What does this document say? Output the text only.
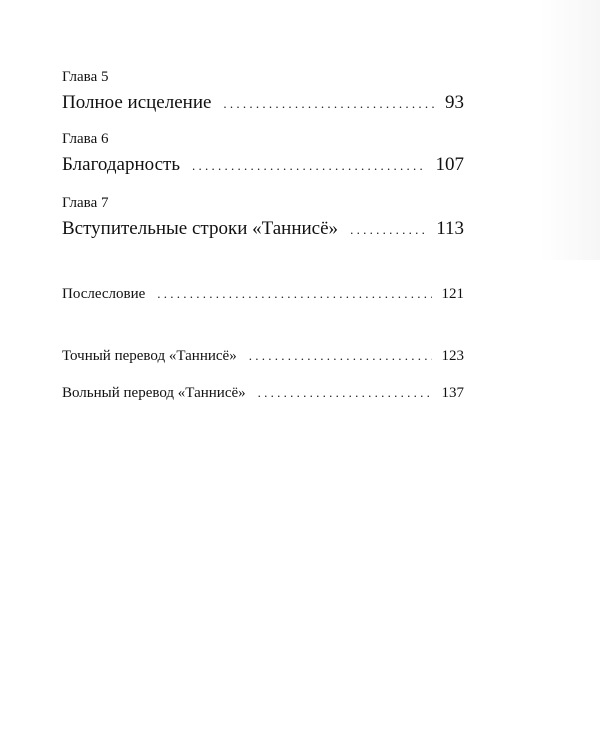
Глава 5
Полное исцеление . . .	93
Глава 6
Благодарность . . .	107
Глава 7
Вступительные строки «Таннисё» . . .	113
Послесловие . . .	121
Точный перевод «Таннисё» . . .	123
Вольный перевод «Таннисё» . . .	137
